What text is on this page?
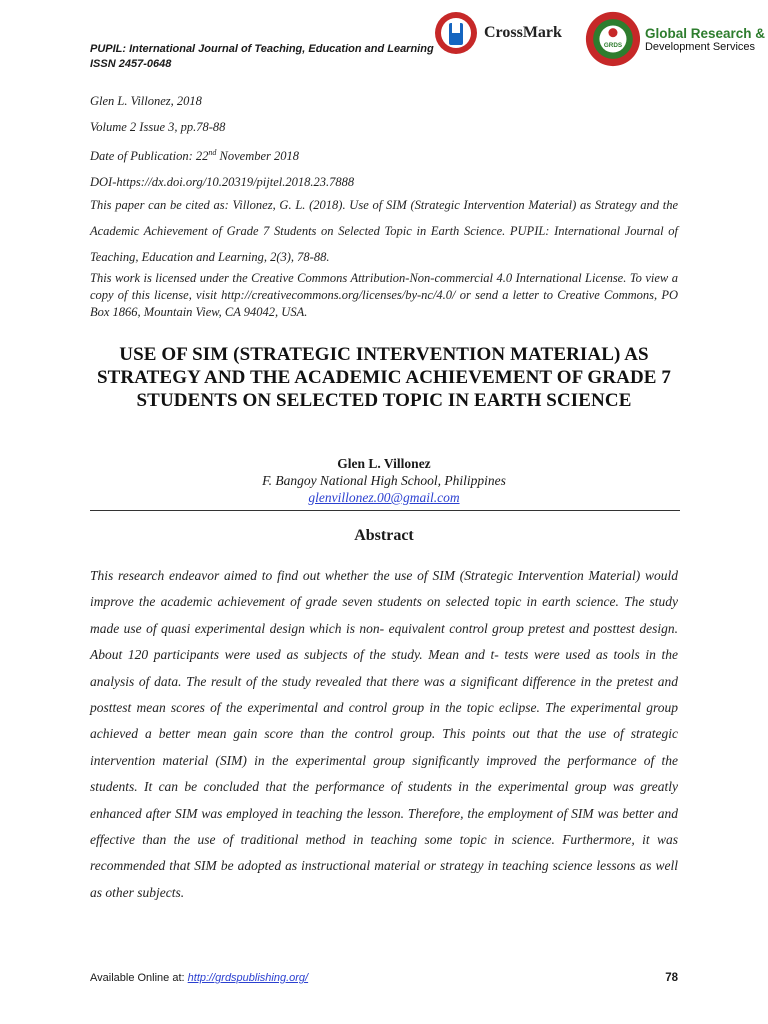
PUPIL: International Journal of Teaching, Education and Learning
ISSN 2457-0648
CrossMark
GRDS
Global Research &
Development Services
Glen L. Villonez, 2018
Volume 2 Issue 3, pp.78-88
Date of Publication: 22nd November 2018
DOI-https://dx.doi.org/10.20319/pijtel.2018.23.7888
This paper can be cited as: Villonez, G. L. (2018). Use of SIM (Strategic Intervention Material) as Strategy and the Academic Achievement of Grade 7 Students on Selected Topic in Earth Science. PUPIL: International Journal of Teaching, Education and Learning, 2(3), 78-88.
This work is licensed under the Creative Commons Attribution-Non-commercial 4.0 International License. To view a copy of this license, visit http://creativecommons.org/licenses/by-nc/4.0/ or send a letter to Creative Commons, PO Box 1866, Mountain View, CA 94042, USA.
USE OF SIM (STRATEGIC INTERVENTION MATERIAL) AS STRATEGY AND THE ACADEMIC ACHIEVEMENT OF GRADE 7 STUDENTS ON SELECTED TOPIC IN EARTH SCIENCE
Glen L. Villonez
F. Bangoy National High School, Philippines
glenvillonez.00@gmail.com
Abstract
This research endeavor aimed to find out whether the use of SIM (Strategic Intervention Material) would improve the academic achievement of grade seven students on selected topic in earth science. The study made use of quasi experimental design which is non- equivalent control group pretest and posttest design. About 120 participants were used as subjects of the study. Mean and t- tests were used as tools in the analysis of data. The result of the study revealed that there was a significant difference in the pretest and posttest mean scores of the experimental and control group in the topic eclipse. The experimental group achieved a better mean gain score than the control group. This points out that the use of strategic intervention material (SIM) in the experimental group significantly improved the performance of the students. It can be concluded that the performance of students in the experimental group was greatly enhanced after SIM was employed in teaching the lesson. Therefore, the employment of SIM was better and effective than the use of traditional method in teaching some topic in science. Furthermore, it was recommended that SIM be adopted as instructional material or strategy in teaching science lessons as well as other subjects.
Available Online at: http://grdspublishing.org/	78
